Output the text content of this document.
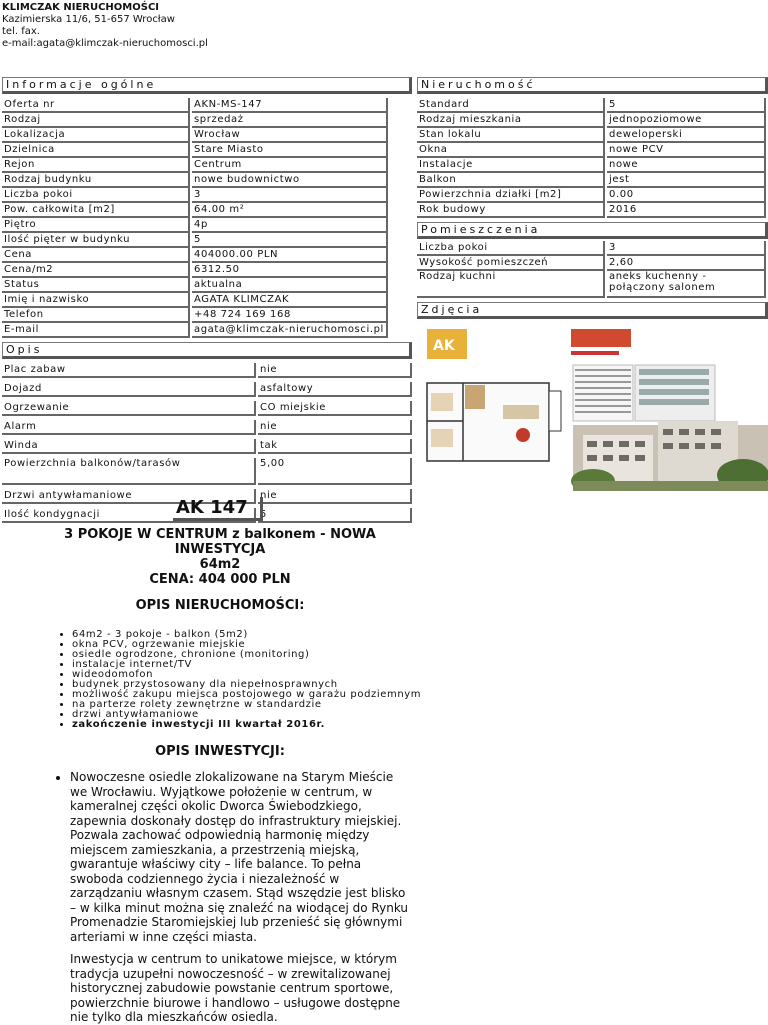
KLIMCZAK NIERUCHOMOŚCI
Kazimierska 11/6, 51-657 Wrocław
tel. fax.
e-mail:agata@klimczak-nieruchomosci.pl
Informacje ogólne	Nieruchomość
Pomieszczenia
Zdjęcia
Opis
Oferta nr	AKN-MS-147
Rodzaj	sprzedaż
Lokalizacja	Wrocław
Dzielnica	Stare Miasto
Rejon	Centrum
Rodzaj budynku	nowe budownictwo
Liczba pokoi	3
Pow. całkowita [m2]	64.00 m²
Piętro	4p
Ilość pięter w budynku	5
Cena	404000.00 PLN
Cena/m2	6312.50
Status	aktualna
Imię i nazwisko	AGATA KLIMCZAK
Telefon	+48 724 169 168
E-mail	agata@klimczak-nieruchomosci.pl
Standard	5
Rodzaj mieszkania	jednopoziomowe
Stan lokalu	deweloperski
Okna	nowe PCV
Instalacje	nowe
Balkon	jest
Powierzchnia działki [m2]	0.00
Rok budowy	2016
Liczba pokoi	3
Wysokość pomieszczeń	2,60
Rodzaj kuchni	aneks kuchenny - połączony salonem
Plac zabaw	nie
Dojazd	asfaltowy
Ogrzewanie	CO miejskie
Alarm	nie
Winda	tak
Powierzchnia balkonów/tarasów	5,00
Drzwi antywłamaniowe	nie
Ilość kondygnacji	5
AK
AK 147
3 POKOJE W CENTRUM z balkonem - NOWA
INWESTYCJA
64m2
CENA: 404 000 PLN
OPIS NIERUCHOMOŚCI:
• 64m2 - 3 pokoje - balkon (5m2)
• okna PCV, ogrzewanie miejskie
• osiedle ogrodzone, chronione (monitoring)
• instalacje internet/TV
• wideodomofon
• budynek przystosowany dla niepełnosprawnych
• możliwość zakupu miejsca postojowego w garażu podziemnym
• na parterze rolety zewnętrzne w standardzie
• drzwi antywłamaniowe
• zakończenie inwestycji III kwartał 2016r.
OPIS INWESTYCJI:
• Nowoczesne osiedle zlokalizowane na Starym Mieście we Wrocławiu. Wyjątkowe położenie w centrum, w kameralnej części okolic Dworca Świebodzkiego, zapewnia doskonały dostęp do infrastruktury miejskiej. Pozwala zachować odpowiednią harmonię między miejscem zamieszkania, a przestrzenią miejską, gwarantuje właściwy city – life balance. To pełna swoboda codziennego życia i niezależność w zarządzaniu własnym czasem. Stąd wszędzie jest blisko – w kilka minut można się znaleźć na wiodącej do Rynku Promenadzie Staromiejskiej lub przenieść się głównymi arteriami w inne części miasta.

Inwestycja w centrum to unikatowe miejsce, w którym tradycja uzupełni nowoczesność – w zrewitalizowanej historycznej zabudowie powstanie centrum sportowe, powierzchnie biurowe i handlowo – usługowe dostępne nie tylko dla mieszkańców osiedla.
